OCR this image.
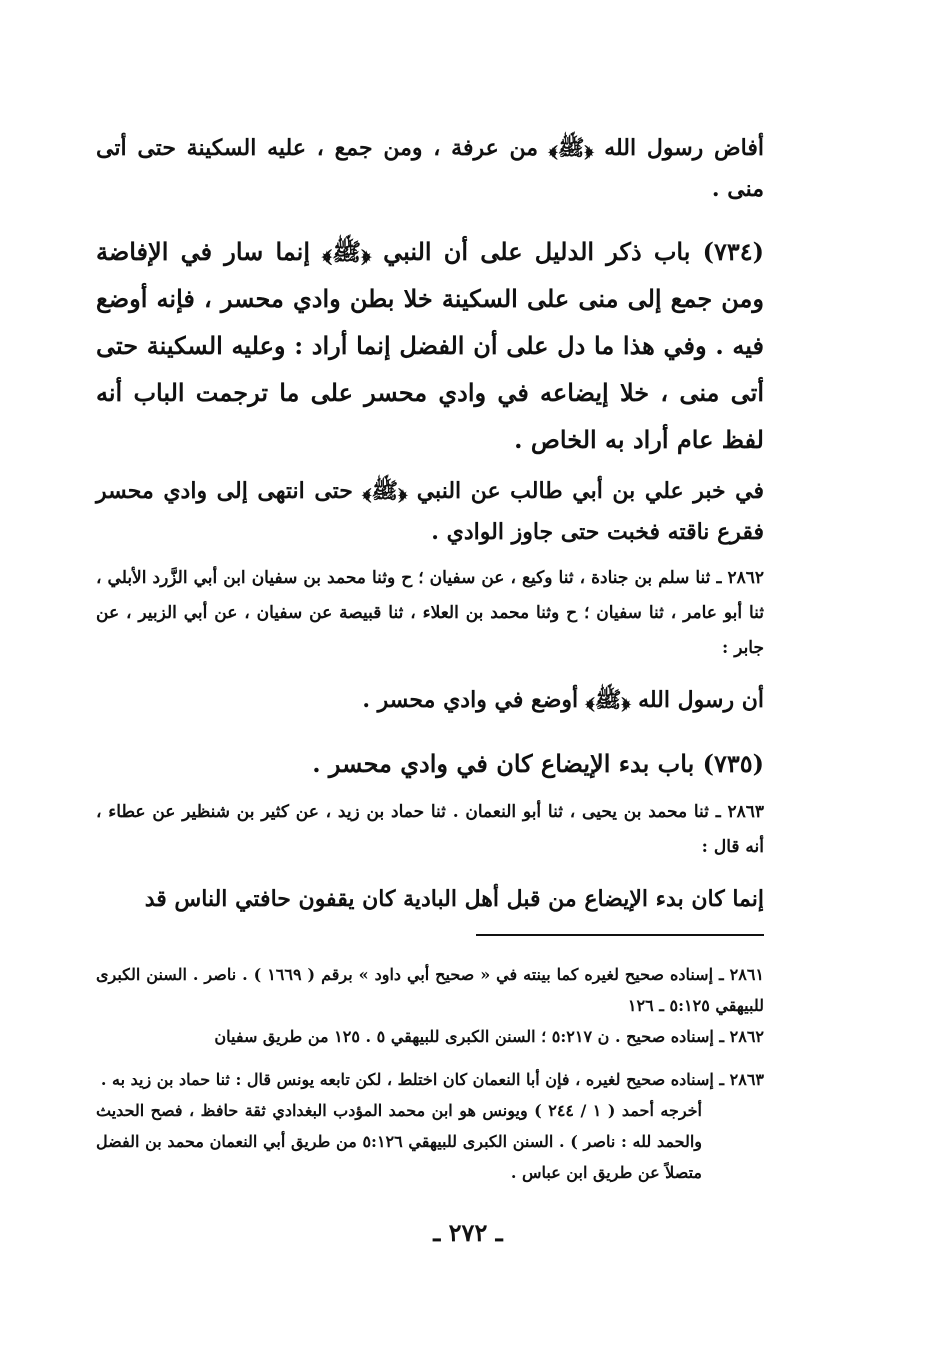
أفاض رسول الله ﴿ﷺ﴾ من عرفة ، ومن جمع ، عليه السكينة حتى أتى منى .

(٧٣٤) باب ذكر الدليل على أن النبي ﴿ﷺ﴾ إنما سار في الإفاضة ومن جمع إلى منى على السكينة خلا بطن وادي محسر ، فإنه أوضع فيه . وفي هذا ما دل على أن الفضل إنما أراد : وعليه السكينة حتى أتى منى ، خلا إيضاعه في وادي محسر على ما ترجمت الباب أنه لفظ عام أراد به الخاص .

في خبر علي بن أبي طالب عن النبي ﴿ﷺ﴾ حتى انتهى إلى وادي محسر فقرع ناقته فخبت حتى جاوز الوادي .

٢٨٦٢ ـ ثنا سلم بن جنادة ، ثنا وكيع ، عن سفيان ؛ ح وثنا محمد بن سفيان ابن أبي الزَّرد الأبلي ، ثنا أبو عامر ، ثنا سفيان ؛ ح وثنا محمد بن العلاء ، ثنا قبيصة عن سفيان ، عن أبي الزبير ، عن جابر :

أن رسول الله ﴿ﷺ﴾ أوضع في وادي محسر .

(٧٣٥) باب بدء الإيضاع كان في وادي محسر .

٢٨٦٣ ـ ثنا محمد بن يحيى ، ثنا أبو النعمان . ثنا حماد بن زيد ، عن كثير بن شنظير عن عطاء ، أنه قال :

إنما كان بدء الإيضاع من قبل أهل البادية كان يقفون حافتي الناس قد

٢٨٦١ ـ إسناده صحيح لغيره كما بينته في « صحيح أبي داود » برقم ( ١٦٦٩ ) . ناصر . السنن الكبرى للبيهقي ٥:١٢٥ ـ ١٢٦

٢٨٦٢ ـ إسناده صحيح . ن ٥:٢١٧ ؛ السنن الكبرى للبيهقي ٥ . ١٢٥ من طريق سفيان

٢٨٦٣ ـ إسناده صحيح لغيره ، فإن أبا النعمان كان اختلط ، لكن تابعه يونس قال : ثنا حماد بن زيد به .

أخرجه أحمد ( ١ / ٢٤٤ ) ويونس هو ابن محمد المؤدب البغدادي ثقة حافظ ، فصح الحديث والحمد لله : ناصر ) . السنن الكبرى للبيهقي ٥:١٢٦ من طريق أبي النعمان محمد بن الفضل متصلاً عن طريق ابن عباس .

ـ ٢٧٢ ـ
